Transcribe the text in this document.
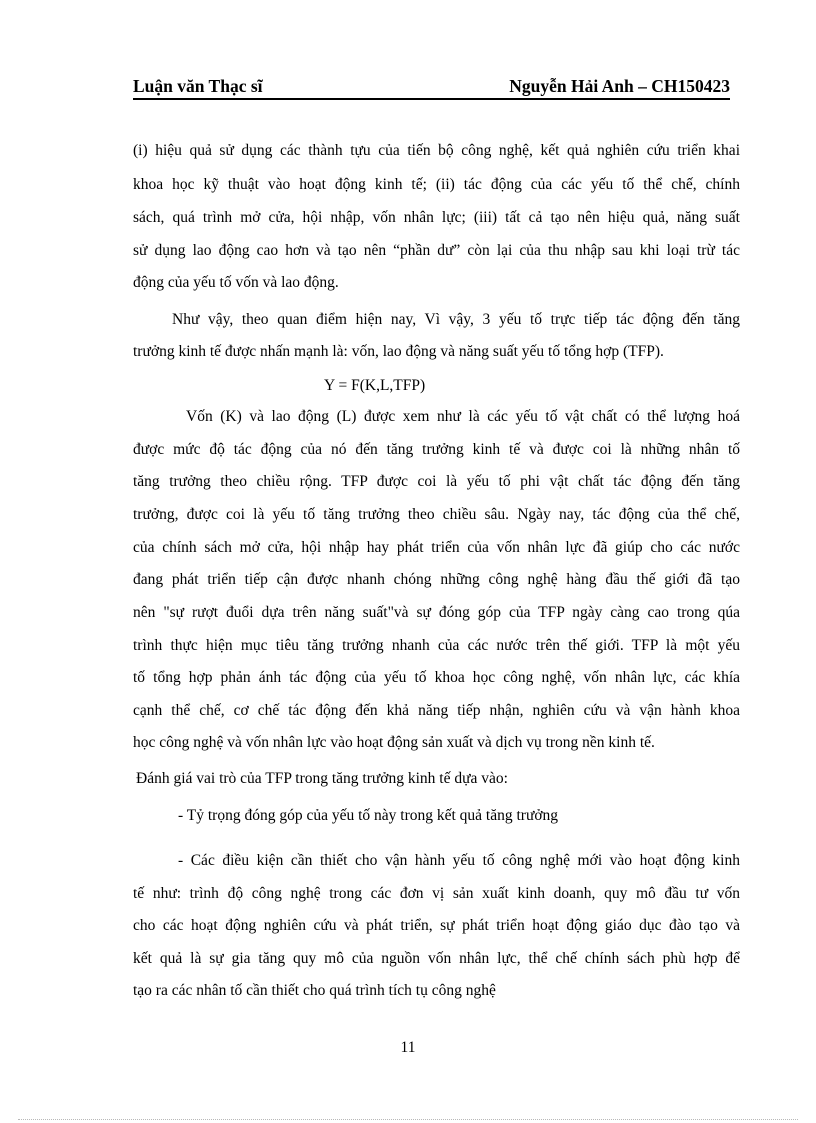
Luận văn Thạc sĩ	Nguyễn Hải Anh – CH150423
(i) hiệu quả sử dụng các thành tựu của tiến bộ công nghệ, kết quả nghiên cứu triển khai
khoa học kỹ thuật vào hoạt động kinh tế; (ii) tác động của các yếu tố thể chế, chính
sách, quá trình mở cửa, hội nhập, vốn nhân lực; (iii) tất cả tạo nên hiệu quả, năng suất
sử dụng lao động cao hơn và tạo nên “phần dư” còn lại của thu nhập sau khi loại trừ tác
động của yếu tố vốn và lao động.
Như vậy, theo quan điểm hiện nay, Vì vậy, 3 yếu tố trực tiếp tác động đến tăng
trưởng kinh tế được nhấn mạnh là: vốn, lao động và năng suất yếu tố tổng hợp (TFP).
Y = F(K,L,TFP)
Vốn (K) và lao động (L) được xem như là các yếu tố vật chất có thể lượng hoá
được mức độ tác động của nó đến tăng trưởng kinh tế và được coi là những nhân tố
tăng trưởng theo chiều rộng. TFP được coi là yếu tố phi vật chất tác động đến tăng
trưởng, được coi là yếu tố tăng trưởng theo chiều sâu. Ngày nay, tác động của thể chế,
của chính sách mở cửa, hội nhập hay phát triển của vốn nhân lực đã giúp cho các nước
đang phát triển tiếp cận được nhanh chóng những công nghệ hàng đầu thế giới đã tạo
nên "sự rượt đuổi dựa trên năng suất"và sự đóng góp của TFP ngày càng cao trong qúa
trình thực hiện mục tiêu tăng trưởng nhanh của các nước trên thế giới. TFP là một yếu
tố tổng hợp phản ánh tác động của yếu tố khoa học công nghệ, vốn nhân lực, các khía
cạnh thể chế, cơ chế tác động đến khả năng tiếp nhận, nghiên cứu và vận hành khoa
học công nghệ và vốn nhân lực vào hoạt động sản xuất và dịch vụ trong nền kinh tế.
Đánh giá vai trò của TFP trong tăng trưởng kinh tế dựa vào:
- Tỷ trọng đóng góp của yếu tố này trong kết quả tăng trưởng
- Các điều kiện cần thiết cho vận hành yếu tố công nghệ mới vào hoạt động kinh
tế như: trình độ công nghệ trong các đơn vị sản xuất kinh doanh, quy mô đầu tư vốn
cho các hoạt động nghiên cứu và phát triển, sự phát triển hoạt động giáo dục đào tạo và
kết quả là sự gia tăng quy mô của nguồn vốn nhân lực, thể chế chính sách phù hợp để
tạo ra các nhân tố cần thiết cho quá trình tích tụ công nghệ
11
